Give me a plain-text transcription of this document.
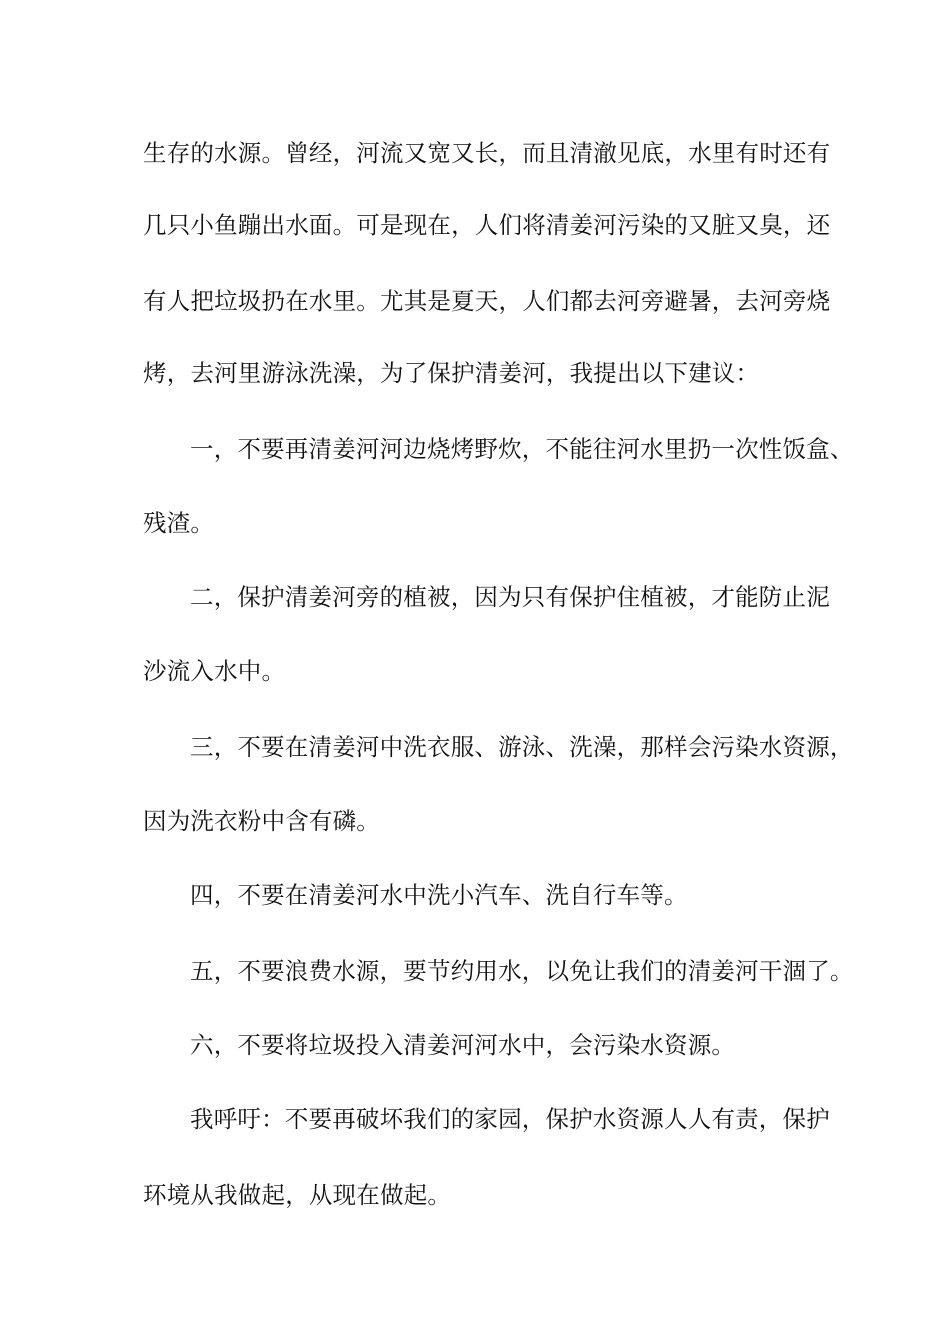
生存的水源。曾经，河流又宽又长，而且清澈见底，水里有时还有
几只小鱼蹦出水面。可是现在，人们将清姜河污染的又脏又臭，还
有人把垃圾扔在水里。尤其是夏天，人们都去河旁避暑，去河旁烧
烤，去河里游泳洗澡，为了保护清姜河，我提出以下建议：
一，不要再清姜河河边烧烤野炊，不能往河水里扔一次性饭盒、
残渣。
二，保护清姜河旁的植被，因为只有保护住植被，才能防止泥
沙流入水中。
三，不要在清姜河中洗衣服、游泳、洗澡，那样会污染水资源，
因为洗衣粉中含有磷。
四，不要在清姜河水中洗小汽车、洗自行车等。
五，不要浪费水源，要节约用水，以免让我们的清姜河干涸了。
六，不要将垃圾投入清姜河河水中，会污染水资源。
我呼吁：不要再破坏我们的家园，保护水资源人人有责，保护
环境从我做起，从现在做起。
